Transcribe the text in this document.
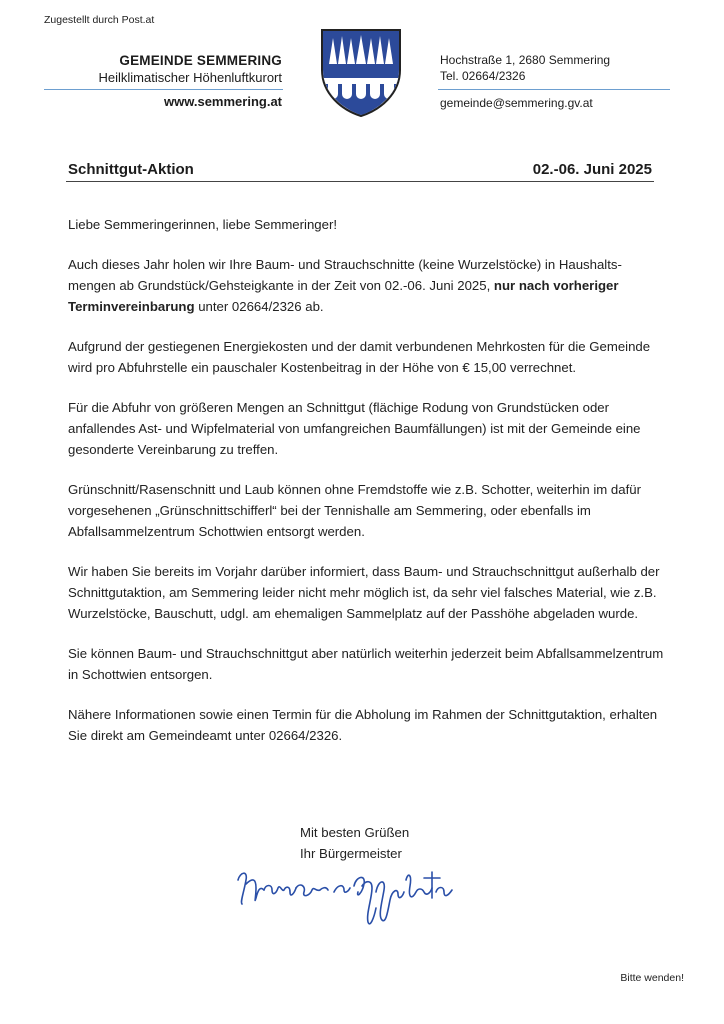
Zugestellt durch Post.at
GEMEINDE SEMMERING
Heilklimatischer Höhenluftkurort
www.semmering.at
Hochstraße 1, 2680 Semmering
Tel. 02664/2326
gemeinde@semmering.gv.at
Schnittgut-Aktion	02.-06. Juni 2025

Liebe Semmeringerinnen, liebe Semmeringer!

Auch dieses Jahr holen wir Ihre Baum- und Strauchschnitte (keine Wurzelstöcke) in Haushalts-mengen ab Grundstück/Gehsteigkante in der Zeit von 02.-06. Juni 2025, nur nach vorheriger Terminvereinbarung unter 02664/2326 ab.

Aufgrund der gestiegenen Energiekosten und der damit verbundenen Mehrkosten für die Gemeinde wird pro Abfuhrstelle ein pauschaler Kostenbeitrag in der Höhe von € 15,00 verrechnet.

Für die Abfuhr von größeren Mengen an Schnittgut (flächige Rodung von Grundstücken oder anfallendes Ast- und Wipfelmaterial von umfangreichen Baumfällungen) ist mit der Gemeinde eine gesonderte Vereinbarung zu treffen.

Grünschnitt/Rasenschnitt und Laub können ohne Fremdstoffe wie z.B. Schotter, weiterhin im dafür vorgesehenen „Grünschnittschifferl“ bei der Tennishalle am Semmering, oder ebenfalls im Abfallsammelzentrum Schottwien entsorgt werden.

Wir haben Sie bereits im Vorjahr darüber informiert, dass Baum- und Strauchschnittgut außerhalb der Schnittgutaktion, am Semmering leider nicht mehr möglich ist, da sehr viel falsches Material, wie z.B. Wurzelstöcke, Bauschutt, udgl. am ehemaligen Sammelplatz auf der Passhöhe abgeladen wurde.

Sie können Baum- und Strauchschnittgut aber natürlich weiterhin jederzeit beim Abfallsammelzentrum in Schottwien entsorgen.

Nähere Informationen sowie einen Termin für die Abholung im Rahmen der Schnittgutaktion, erhalten Sie direkt am Gemeindeamt unter 02664/2326.

Mit besten Grüßen
Ihr Bürgermeister
Bitte wenden!
